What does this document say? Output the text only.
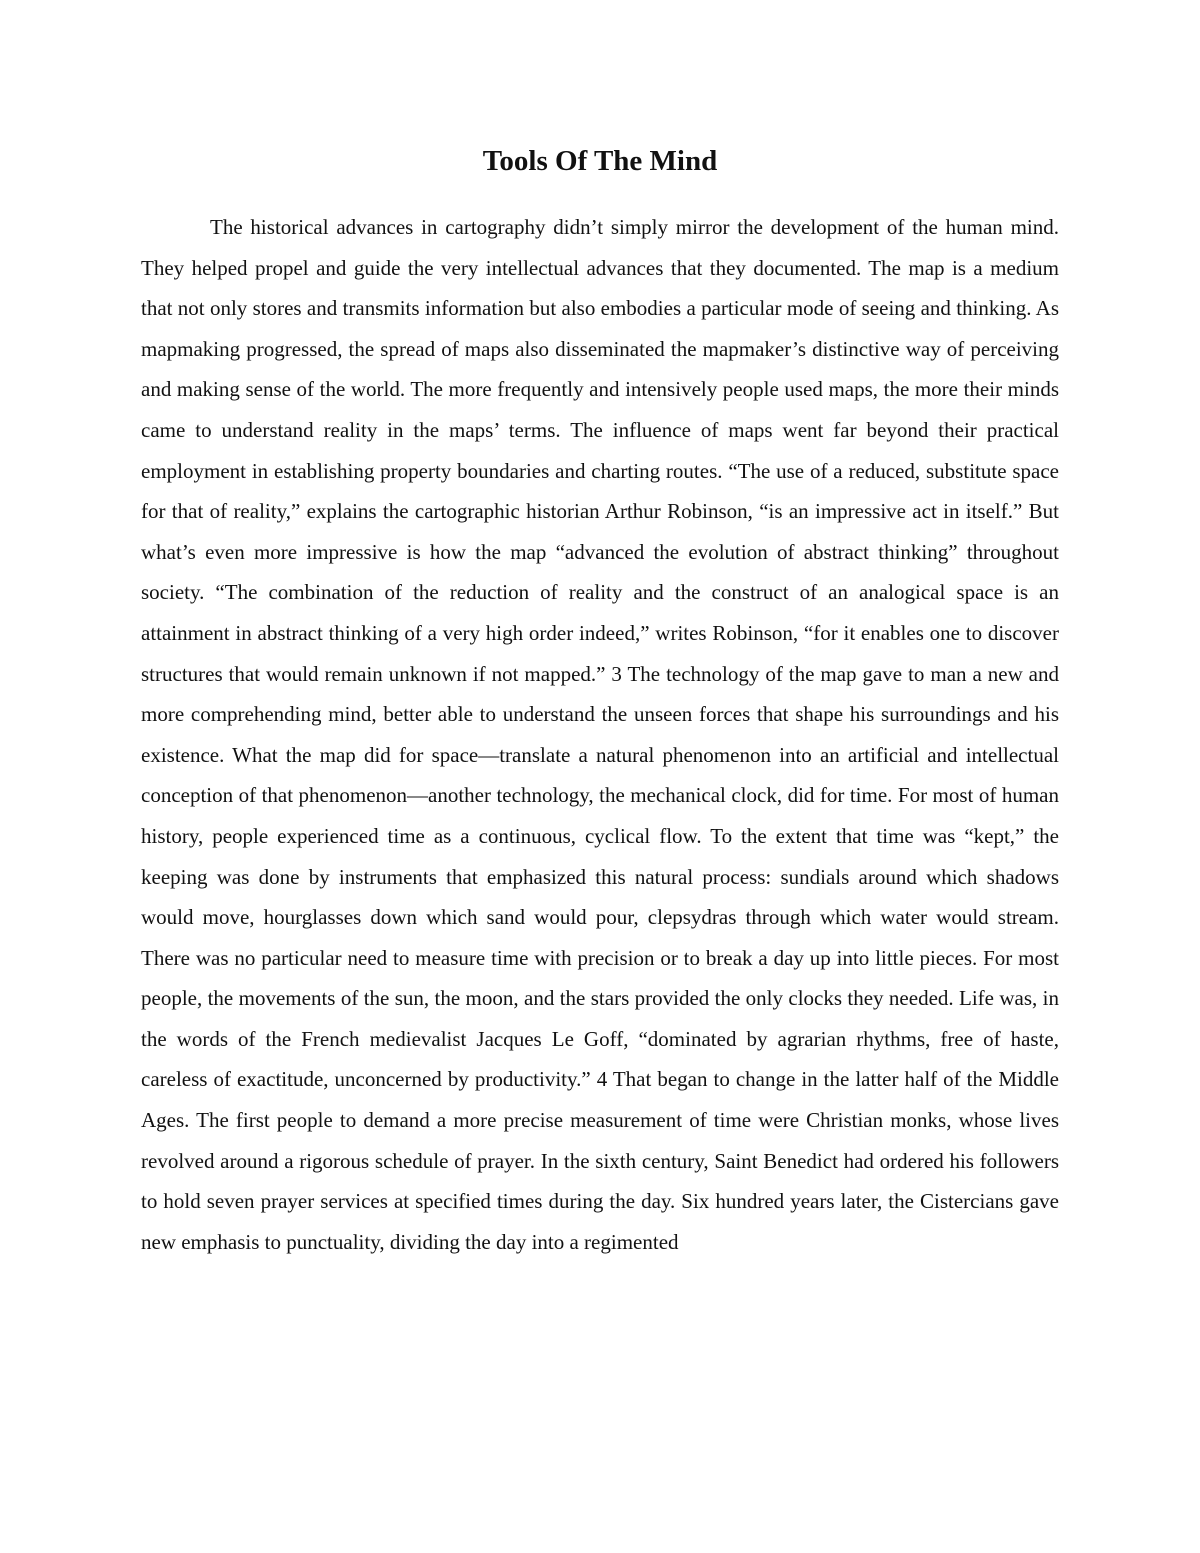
Tools Of The Mind

The historical advances in cartography didn’t simply mirror the development of the human mind. They helped propel and guide the very intellectual advances that they documented. The map is a medium that not only stores and transmits information but also embodies a particular mode of seeing and thinking. As mapmaking progressed, the spread of maps also disseminated the mapmaker’s distinctive way of perceiving and making sense of the world. The more frequently and intensively people used maps, the more their minds came to understand reality in the maps’ terms. The influence of maps went far beyond their practical employment in establishing property boundaries and charting routes. “The use of a reduced, substitute space for that of reality,” explains the cartographic historian Arthur Robinson, “is an impressive act in itself.” But what’s even more impressive is how the map “advanced the evolution of abstract thinking” throughout society. “The combination of the reduction of reality and the construct of an analogical space is an attainment in abstract thinking of a very high order indeed,” writes Robinson, “for it enables one to discover structures that would remain unknown if not mapped.” 3 The technology of the map gave to man a new and more comprehending mind, better able to understand the unseen forces that shape his surroundings and his existence. What the map did for space—translate a natural phenomenon into an artificial and intellectual conception of that phenomenon—another technology, the mechanical clock, did for time. For most of human history, people experienced time as a continuous, cyclical flow. To the extent that time was “kept,” the keeping was done by instruments that emphasized this natural process: sundials around which shadows would move, hourglasses down which sand would pour, clepsydras through which water would stream. There was no particular need to measure time with precision or to break a day up into little pieces. For most people, the movements of the sun, the moon, and the stars provided the only clocks they needed. Life was, in the words of the French medievalist Jacques Le Goff, “dominated by agrarian rhythms, free of haste, careless of exactitude, unconcerned by productivity.” 4 That began to change in the latter half of the Middle Ages. The first people to demand a more precise measurement of time were Christian monks, whose lives revolved around a rigorous schedule of prayer. In the sixth century, Saint Benedict had ordered his followers to hold seven prayer services at specified times during the day. Six hundred years later, the Cistercians gave new emphasis to punctuality, dividing the day into a regimented
